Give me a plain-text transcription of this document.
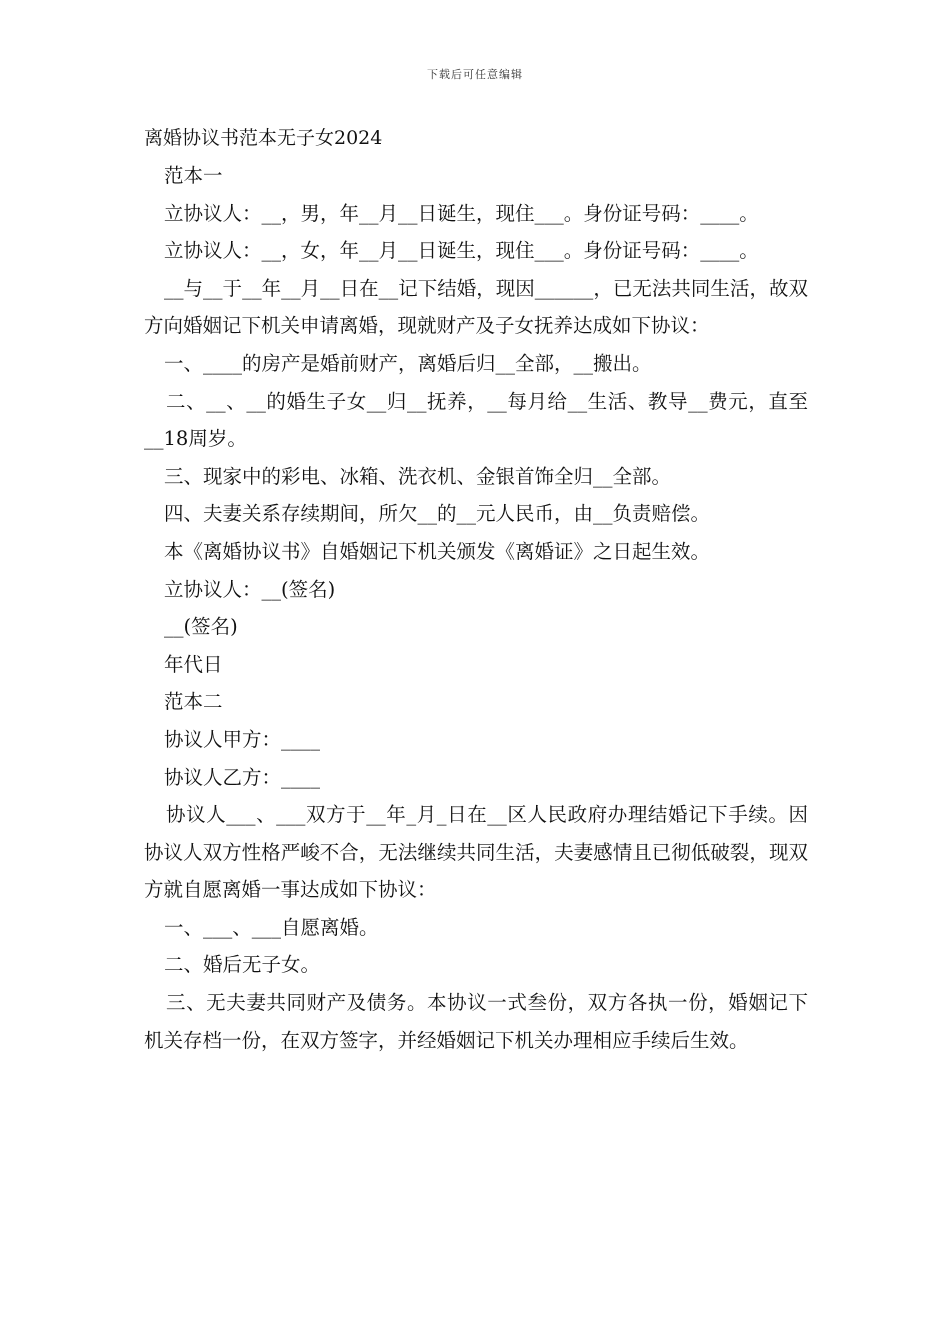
下载后可任意编辑
离婚协议书范本无子女2024

范本一

立协议人：__，男，年__月__日诞生，现住___。身份证号码：____。

立协议人：__，女，年__月__日诞生，现住___。身份证号码：____。

__与__于__年__月__日在__记下结婚，现因______，已无法共同生活，故双方向婚姻记下机关申请离婚，现就财产及子女抚养达成如下协议：

一、____的房产是婚前财产，离婚后归__全部，__搬出。

二、__、__的婚生子女__归__抚养，__每月给__生活、教导__费元，直至__18周岁。

三、现家中的彩电、冰箱、洗衣机、金银首饰全归__全部。

四、夫妻关系存续期间，所欠__的__元人民币，由__负责赔偿。

本《离婚协议书》自婚姻记下机关颁发《离婚证》之日起生效。

立协议人：__(签名)

__(签名)

年代日

范本二

协议人甲方：____

协议人乙方：____

协议人___、___双方于__年_月_日在__区人民政府办理结婚记下手续。因协议人双方性格严峻不合，无法继续共同生活，夫妻感情且已彻低破裂，现双方就自愿离婚一事达成如下协议：

一、___、___自愿离婚。

二、婚后无子女。

三、无夫妻共同财产及债务。本协议一式叁份，双方各执一份，婚姻记下机关存档一份，在双方签字，并经婚姻记下机关办理相应手续后生效。
